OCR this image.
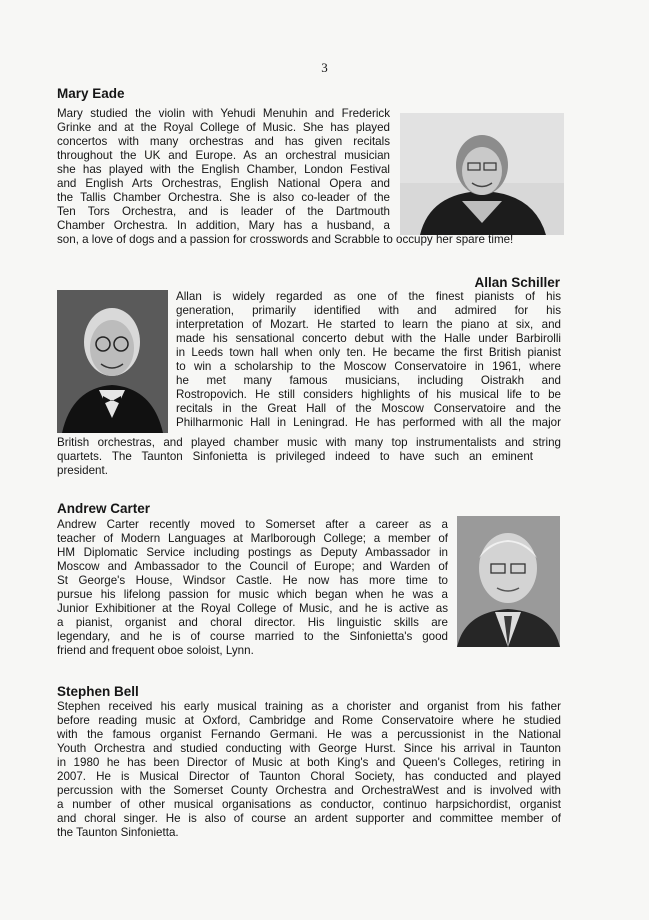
3
Mary Eade
Mary studied the violin with Yehudi Menuhin and Frederick
Grinke and at the Royal College of Music. She has played
concertos with many orchestras and has given recitals
throughout the UK and Europe. As an orchestral musician
she has played with the English Chamber, London Festival
and English Arts Orchestras, English National Opera and
the Tallis Chamber Orchestra. She is also co-leader of the
Ten Tors Orchestra, and is leader of the Dartmouth
Chamber Orchestra. In addition, Mary has a husband, a
son, a love of dogs and a passion for crosswords and Scrabble to occupy her spare time!
Allan Schiller
Allan is widely regarded as one of the finest pianists of his
generation, primarily identified with and admired for his
interpretation of Mozart. He started to learn the piano at six, and
made his sensational concerto debut with the Halle under Barbirolli
in Leeds town hall when only ten. He became the first British pianist
to win a scholarship to the Moscow Conservatoire in 1961, where
he met many famous musicians, including Oistrakh and
Rostropovich. He still considers highlights of his musical life to be
recitals in the Great Hall of the Moscow Conservatoire and the
Philharmonic Hall in Leningrad. He has performed with all the major
British orchestras, and played chamber music with many top instrumentalists and string
quartets. The Taunton Sinfonietta is privileged indeed to have such an eminent
president.
Andrew Carter
Andrew Carter recently moved to Somerset after a career as a
teacher of Modern Languages at Marlborough College; a member of
HM Diplomatic Service including postings as Deputy Ambassador in
Moscow and Ambassador to the Council of Europe; and Warden of
St George's House, Windsor Castle. He now has more time to
pursue his lifelong passion for music which began when he was a
Junior Exhibitioner at the Royal College of Music, and he is active as
a pianist, organist and choral director. His linguistic skills are
legendary, and he is of course married to the Sinfonietta's good
friend and frequent oboe soloist, Lynn.
Stephen Bell
Stephen received his early musical training as a chorister and organist from his father
before reading music at Oxford, Cambridge and Rome Conservatoire where he studied
with the famous organist Fernando Germani. He was a percussionist in the National
Youth Orchestra and studied conducting with George Hurst. Since his arrival in Taunton
in 1980 he has been Director of Music at both King's and Queen's Colleges, retiring in
2007. He is Musical Director of Taunton Choral Society, has conducted and played
percussion with the Somerset County Orchestra and OrchestraWest and is involved with
a number of other musical organisations as conductor, continuo harpsichordist, organist
and choral singer. He is also of course an ardent supporter and committee member of
the Taunton Sinfonietta.
